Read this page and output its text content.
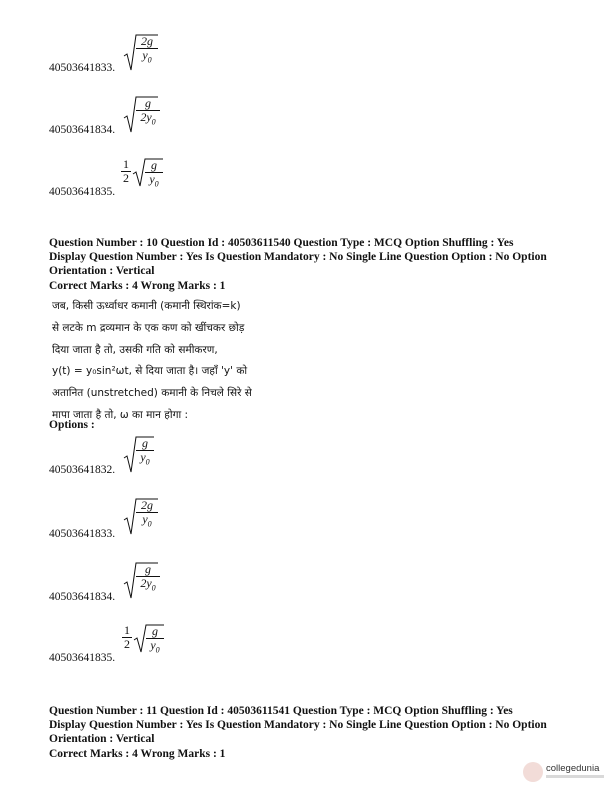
40503641833.
$\frac{2g}{y_0}$
40503641834.
$\frac{g}{2y_0}$
40503641835.
$\frac{1}{2} \frac{g}{y_0}$
Question Number : 10 Question Id : 40503611540 Question Type : MCQ Option Shuffling : Yes
Display Question Number : Yes Is Question Mandatory : No Single Line Question Option : No Option
Orientation : Vertical
Correct Marks : 4 Wrong Marks : 1
जब, किसी ऊर्ध्वाधर कमानी (कमानी स्थिरांक=k)
से लटके m द्रव्यमान के एक कण को खींचकर छोड़
दिया जाता है तो, उसकी गति को समीकरण,
y(t) = y₀sin²ωt, से दिया जाता है। जहाँ 'y' को
अतानित (unstretched) कमानी के निचले सिरे से
मापा जाता है तो, ω का मान होगा :
Options :
40503641832.
$\frac{g}{y_0}$
40503641833.
$\frac{2g}{y_0}$
40503641834.
$\frac{g}{2y_0}$
40503641835.
$\frac{1}{2} \frac{g}{y_0}$
Question Number : 11 Question Id : 40503611541 Question Type : MCQ Option Shuffling : Yes
Display Question Number : Yes Is Question Mandatory : No Single Line Question Option : No Option
Orientation : Vertical
Correct Marks : 4 Wrong Marks : 1
collegedunia
